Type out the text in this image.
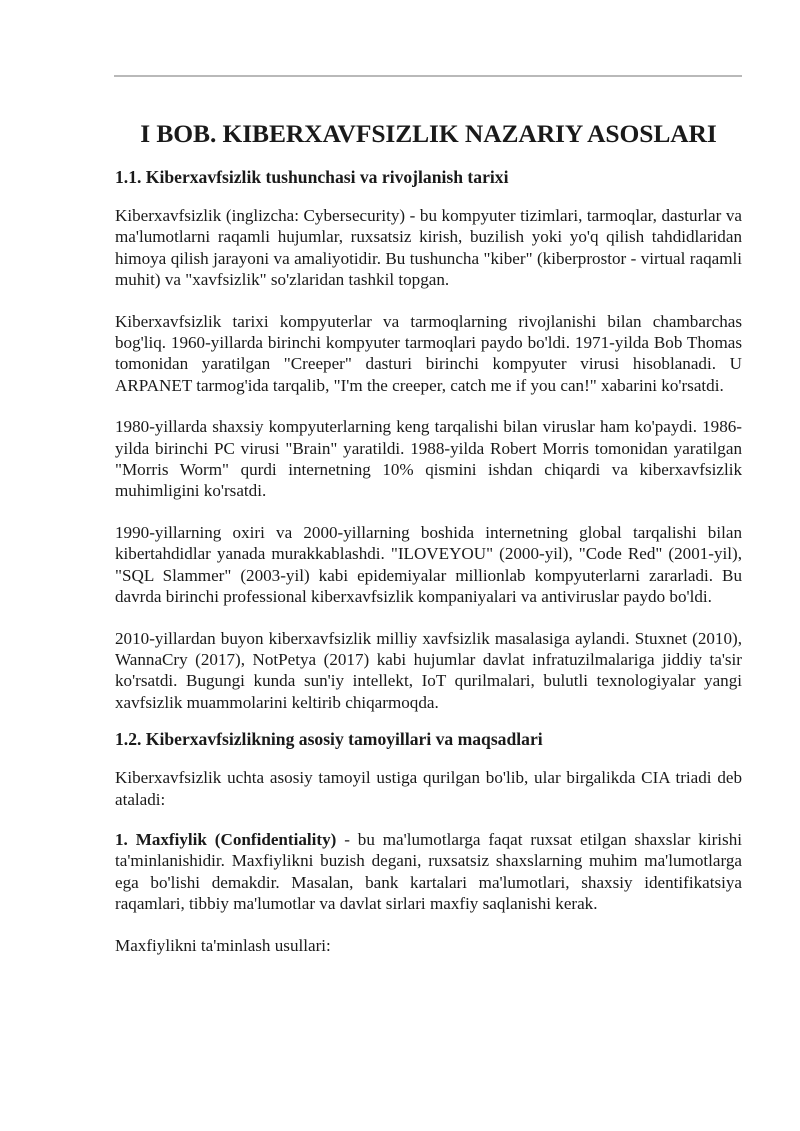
I BOB. KIBERXAVFSIZLIK NAZARIY ASOSLARI
1.1. Kiberxavfsizlik tushunchasi va rivojlanish tarixi

Kiberxavfsizlik (inglizcha: Cybersecurity) - bu kompyuter tizimlari, tarmoqlar, dasturlar va ma'lumotlarni raqamli hujumlar, ruxsatsiz kirish, buzilish yoki yo'q qilish tahdidlaridan himoya qilish jarayoni va amaliyotidir. Bu tushuncha "kiber" (kiberprostor - virtual raqamli muhit) va "xavfsizlik" so'zlaridan tashkil topgan.

Kiberxavfsizlik tarixi kompyuterlar va tarmoqlarning rivojlanishi bilan chambarchas bog'liq. 1960-yillarda birinchi kompyuter tarmoqlari paydo bo'ldi. 1971-yilda Bob Thomas tomonidan yaratilgan "Creeper" dasturi birinchi kompyuter virusi hisoblanadi. U ARPANET tarmog'ida tarqalib, "I'm the creeper, catch me if you can!" xabarini ko'rsatdi.

1980-yillarda shaxsiy kompyuterlarning keng tarqalishi bilan viruslar ham ko'paydi. 1986-yilda birinchi PC virusi "Brain" yaratildi. 1988-yilda Robert Morris tomonidan yaratilgan "Morris Worm" qurdi internetning 10% qismini ishdan chiqardi va kiberxavfsizlik muhimligini ko'rsatdi.

1990-yillarning oxiri va 2000-yillarning boshida internetning global tarqalishi bilan kibertahdidlar yanada murakkablashdi. "ILOVEYOU" (2000-yil), "Code Red" (2001-yil), "SQL Slammer" (2003-yil) kabi epidemiyalar millionlab kompyuterlarni zararladi. Bu davrda birinchi professional kiberxavfsizlik kompaniyalari va antiviruslar paydo bo'ldi.

2010-yillardan buyon kiberxavfsizlik milliy xavfsizlik masalasiga aylandi. Stuxnet (2010), WannaCry (2017), NotPetya (2017) kabi hujumlar davlat infratuzilmalariga jiddiy ta'sir ko'rsatdi. Bugungi kunda sun'iy intellekt, IoT qurilmalari, bulutli texnologiyalar yangi xavfsizlik muammolarini keltirib chiqarmoqda.

1.2. Kiberxavfsizlikning asosiy tamoyillari va maqsadlari

Kiberxavfsizlik uchta asosiy tamoyil ustiga qurilgan bo'lib, ular birgalikda CIA triadi deb ataladi:

1. Maxfiylik (Confidentiality) - bu ma'lumotlarga faqat ruxsat etilgan shaxslar kirishi ta'minlanishidir. Maxfiylikni buzish degani, ruxsatsiz shaxslarning muhim ma'lumotlarga ega bo'lishi demakdir. Masalan, bank kartalari ma'lumotlari, shaxsiy identifikatsiya raqamlari, tibbiy ma'lumotlar va davlat sirlari maxfiy saqlanishi kerak.

Maxfiylikni ta'minlash usullari:
